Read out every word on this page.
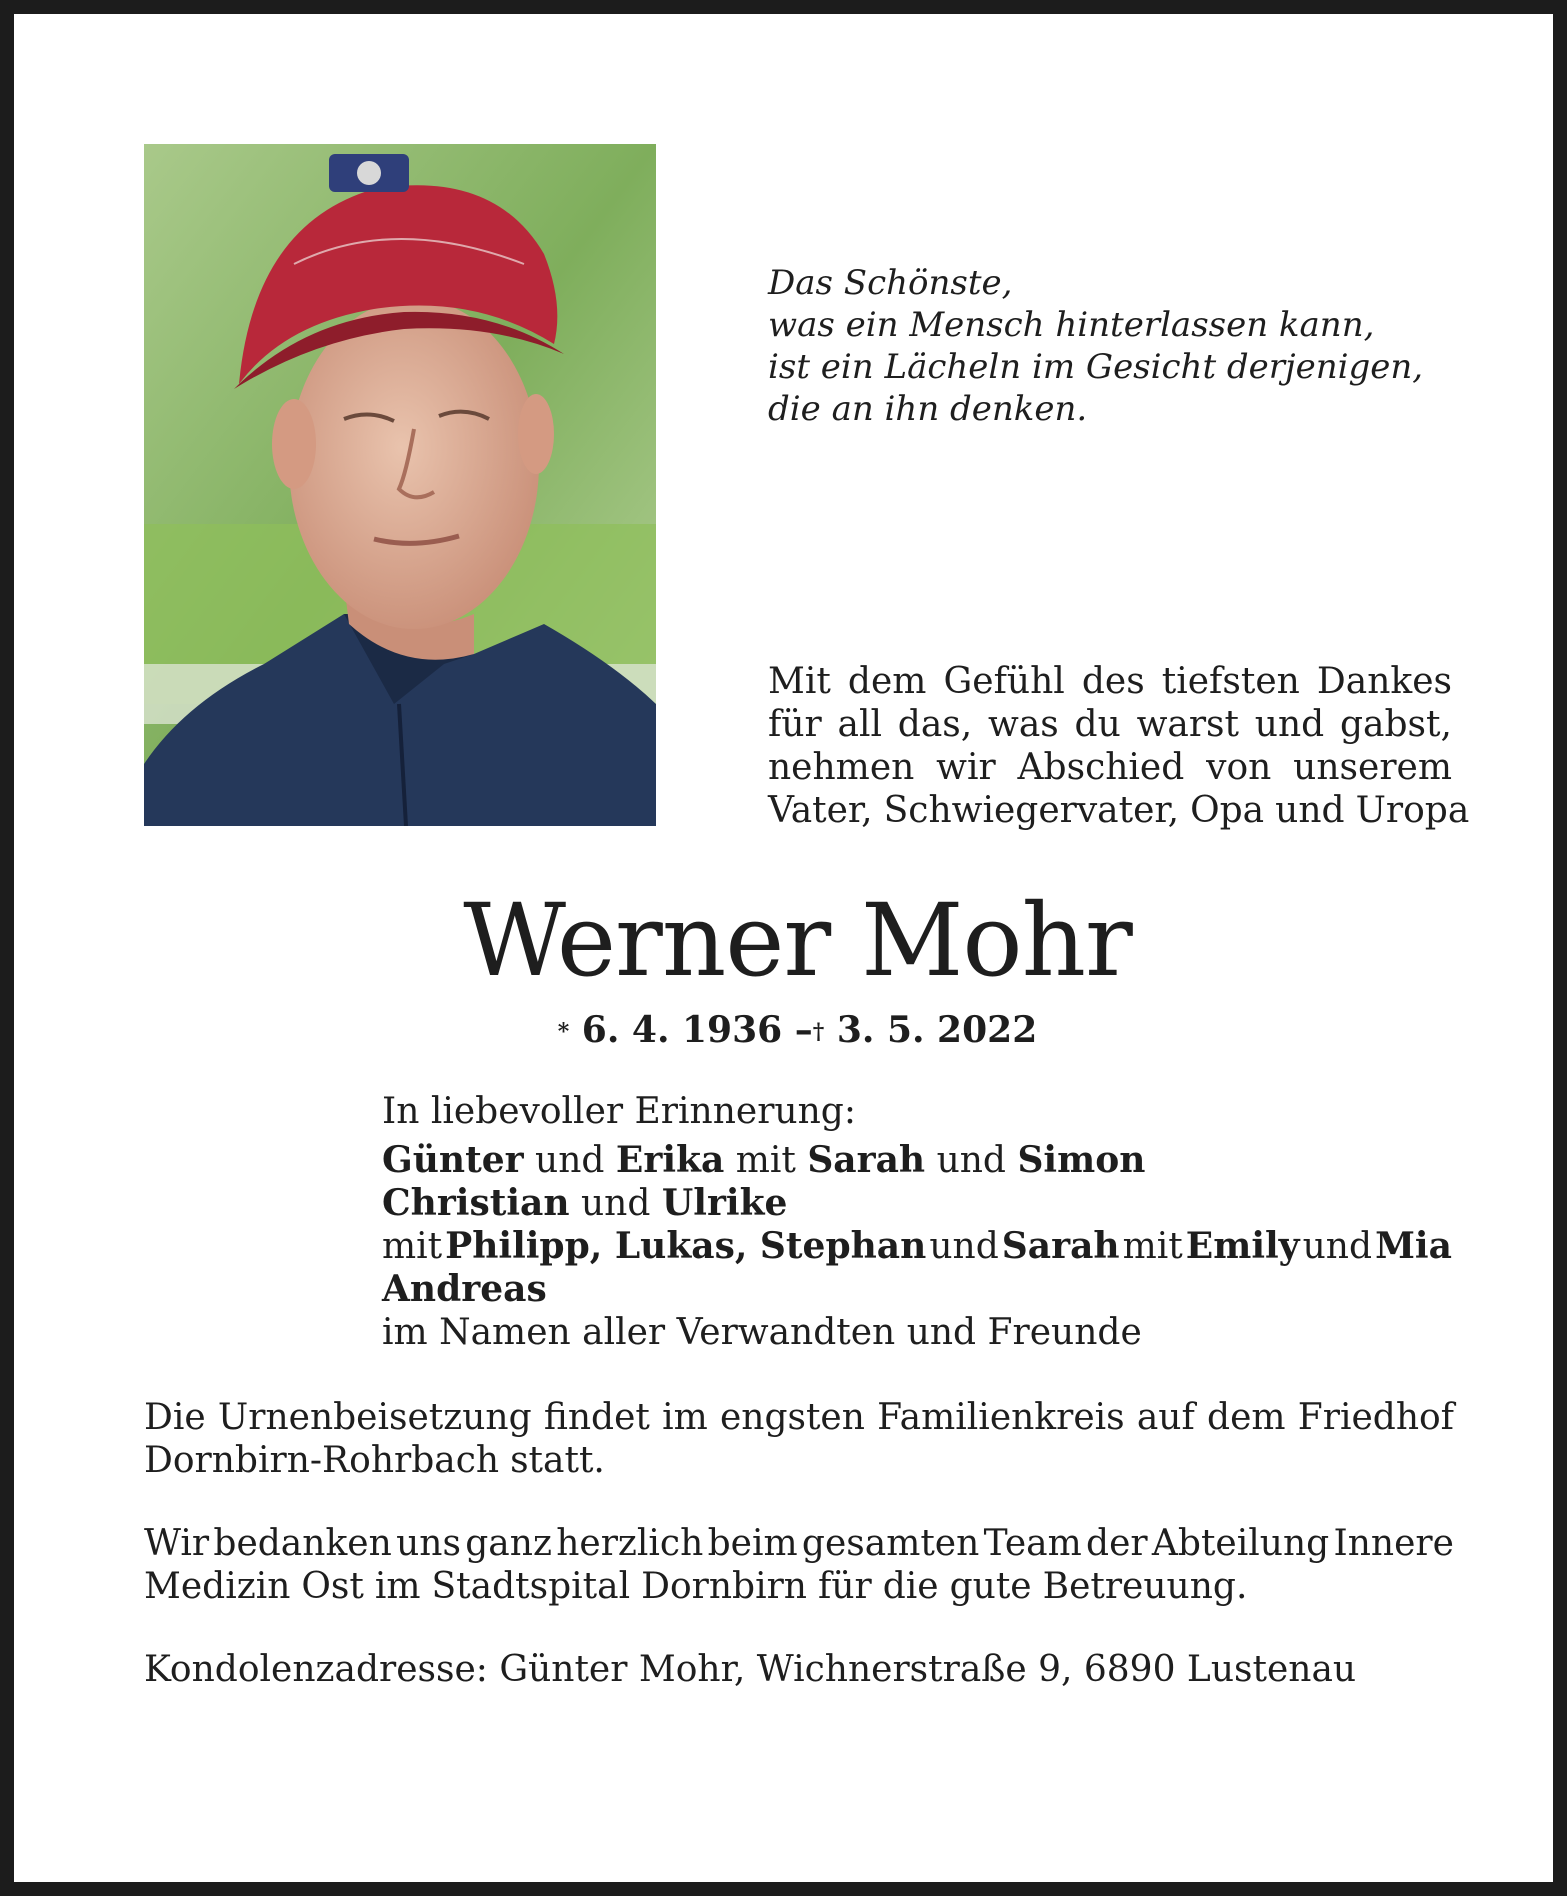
Das Schönste,
was ein Mensch hinterlassen kann,
ist ein Lächeln im Gesicht derjenigen,
die an ihn denken.
Mit dem Gefühl des tiefsten Dankes
für all das, was du warst und gabst,
nehmen wir Abschied von unserem
Vater, Schwiegervater, Opa und Uropa
Werner Mohr
* 6. 4. 1936 –† 3. 5. 2022
In liebevoller Erinnerung:
Günter und Erika mit Sarah und Simon
Christian und Ulrike
mit Philipp, Lukas, Stephan und Sarah mit Emily und Mia
Andreas
im Namen aller Verwandten und Freunde
Die Urnenbeisetzung findet im engsten Familienkreis auf dem Friedhof
Dornbirn-Rohrbach statt.
Wir bedanken uns ganz herzlich beim gesamten Team der Abteilung Innere
Medizin Ost im Stadtspital Dornbirn für die gute Betreuung.
Kondolenzadresse: Günter Mohr, Wichnerstraße 9, 6890 Lustenau
